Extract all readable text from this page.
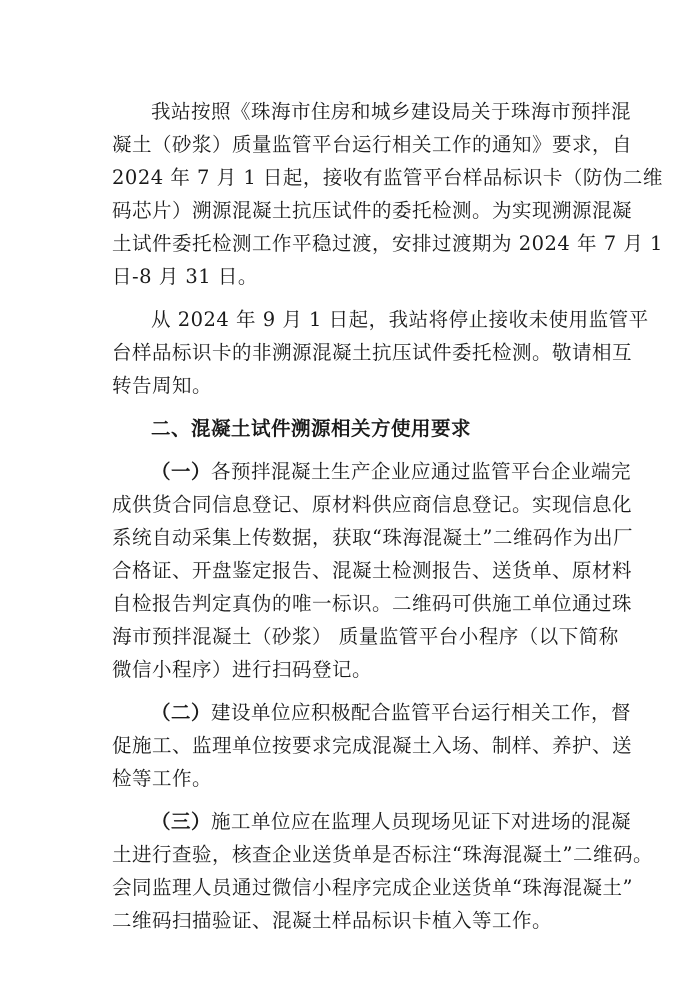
我站按照《珠海市住房和城乡建设局关于珠海市预拌混
凝土（砂浆）质量监管平台运行相关工作的通知》要求，自
2024 年 7 月 1 日起，接收有监管平台样品标识卡（防伪二维
码芯片）溯源混凝土抗压试件的委托检测。为实现溯源混凝
土试件委托检测工作平稳过渡，安排过渡期为 2024 年 7 月 1
日-8 月 31 日。
从 2024 年 9 月 1 日起，我站将停止接收未使用监管平
台样品标识卡的非溯源混凝土抗压试件委托检测。敬请相互
转告周知。
二、混凝土试件溯源相关方使用要求
（一）各预拌混凝土生产企业应通过监管平台企业端完
成供货合同信息登记、原材料供应商信息登记。实现信息化
系统自动采集上传数据，获取“珠海混凝土”二维码作为出厂
合格证、开盘鉴定报告、混凝土检测报告、送货单、原材料
自检报告判定真伪的唯一标识。二维码可供施工单位通过珠
海市预拌混凝土（砂浆） 质量监管平台小程序（以下简称
微信小程序）进行扫码登记。
（二）建设单位应积极配合监管平台运行相关工作，督
促施工、监理单位按要求完成混凝土入场、制样、养护、送
检等工作。
（三）施工单位应在监理人员现场见证下对进场的混凝
土进行查验，核查企业送货单是否标注“珠海混凝土”二维码。
会同监理人员通过微信小程序完成企业送货单“珠海混凝土”
二维码扫描验证、混凝土样品标识卡植入等工作。
